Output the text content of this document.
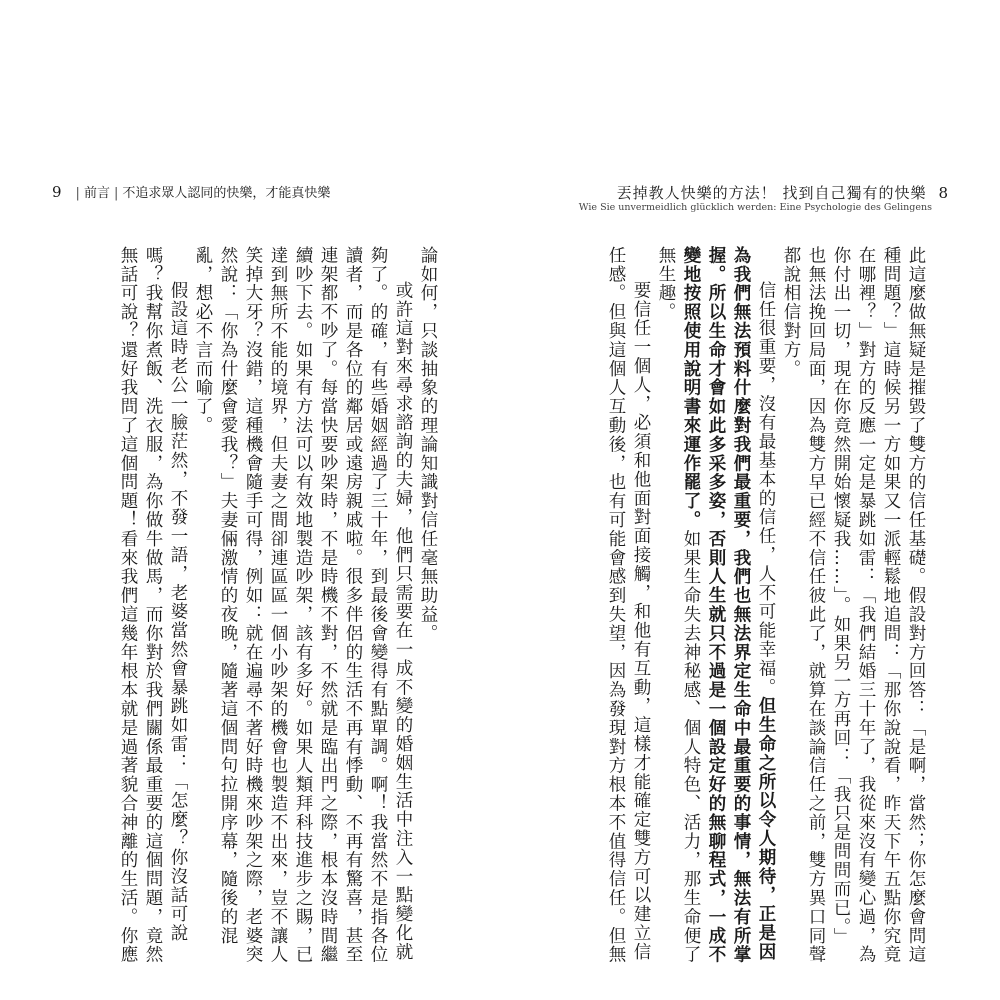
9 | 前言 | 不追求眾人認同的快樂，才能真快樂

論如何，只談抽象的理論知識對信任毫無助益。

或許這對來尋求諮詢的夫婦，他們只需要在一成不變的婚姻生活中注入一點變化就

夠了。的確，有些婚姻經過了三十年，到最後會變得有點單調。啊！我當然不是指各位

讀者，而是各位的鄰居或遠房親戚啦。很多伴侶的生活不再有悸動、不再有驚喜，甚至

連架都不吵了。每當快要吵架時，不是時機不對，不然就是臨出門之際，根本沒時間繼

續吵下去。如果有方法可以有效地製造吵架，該有多好。如果人類拜科技進步之賜，已

達到無所不能的境界，但夫妻之間卻連區區一個小吵架的機會也製造不出來，豈不讓人

笑掉大牙？沒錯，這種機會隨手可得，例如：就在遍尋不著好時機來吵架之際，老婆突

然說：「你為什麼會愛我？」夫妻倆激情的夜晚，隨著這個問句拉開序幕，隨後的混

亂，想必不言而喻了。

假設這時老公一臉茫然，不發一語，老婆當然會暴跳如雷：「怎麼？你沒話可說

嗎？我幫你煮飯、洗衣服，為你做牛做馬，而你對於我們關係最重要的這個問題，竟然

無話可說？還好我問了這個問題！看來我們這幾年根本就是過著貌合神離的生活。你應

丟掉教人快樂的方法！ 找到自己獨有的快樂 8
Wie Sie unvermeidlich glücklich werden: Eine Psychologie des Gelingens

此這麼做無疑是摧毀了雙方的信任基礎。假設對方回答：「是啊，當然；你怎麼會問這

種問題？」這時候另一方如果又一派輕鬆地追問：「那你說說看，昨天下午五點你究竟

在哪裡？」對方的反應一定是暴跳如雷：「我們結婚三十年了，我從來沒有變心過，為

你付出一切，現在你竟然開始懷疑我……」。如果另一方再回：「我只是問問而已。」

也無法挽回局面，因為雙方早已經不信任彼此了，就算在談論信任之前，雙方異口同聲

都說相信對方。

信任很重要，沒有最基本的信任，人不可能幸福。但生命之所以令人期待，正是因

為我們無法預料什麼對我們最重要，我們也無法界定生命中最重要的事情，無法有所掌

握。所以生命才會如此多采多姿，否則人生就只不過是一個設定好的無聊程式，一成不

變地按照使用說明書來運作罷了。如果生命失去神秘感、個人特色、活力，那生命便了

無生趣。

要信任一個人，必須和他面對面接觸，和他有互動，這樣才能確定雙方可以建立信

任感。但與這個人互動後，也有可能會感到失望，因為發現對方根本不值得信任。但無
